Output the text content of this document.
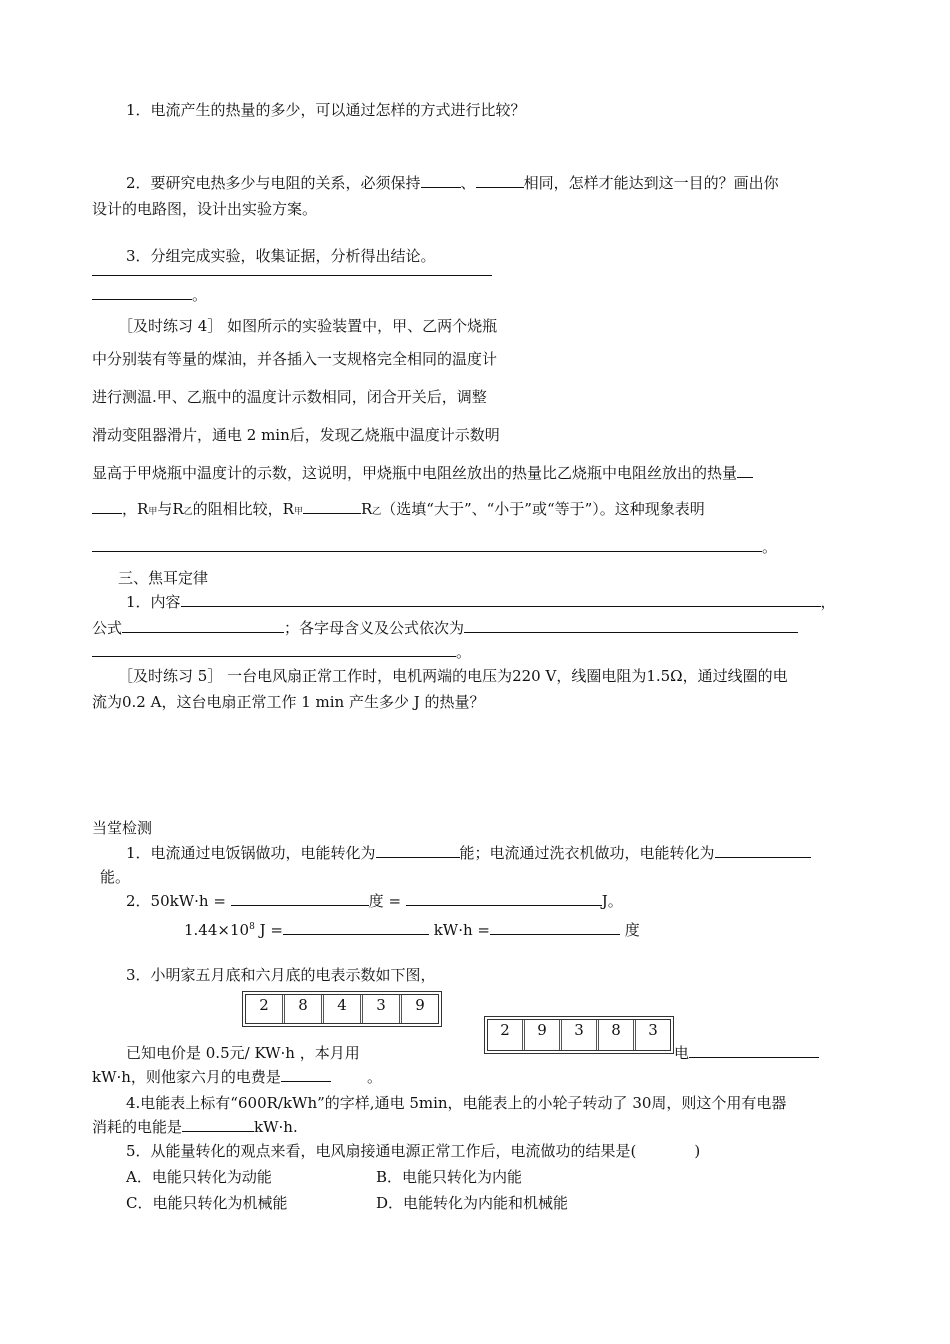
1．电流产生的热量的多少，可以通过怎样的方式进行比较？
2．要研究电热多少与电阻的关系，必须保持	、	相同，怎样才能达到这一目的？画出你
设计的电路图，设计出实验方案。
3．分组完成实验，收集证据，分析得出结论。
。
［及时练习 4］ 如图所示的实验装置中，甲、乙两个烧瓶
中分别装有等量的煤油，并各插入一支规格完全相同的温度计
进行测温.甲、乙瓶中的温度计示数相同，闭合开关后，调整
滑动变阻器滑片，通电 2 min后，发现乙烧瓶中温度计示数明
显高于甲烧瓶中温度计的示数，这说明，甲烧瓶中电阻丝放出的热量比乙烧瓶中电阻丝放出的热量
，R甲与R乙的阻相比较，R甲	R乙（选填“大于”、“小于”或“等于”）。这种现象表明
。
三、焦耳定律
1．内容	，
公式	；各字母含义及公式依次为
。
［及时练习 5］ 一台电风扇正常工作时，电机两端的电压为220 V，线圈电阻为1.5Ω，通过线圈的电
流为0.2 A，这台电扇正常工作 1 min 产生多少 J 的热量？
当堂检测
1．电流通过电饭锅做功，电能转化为	能；电流通过洗衣机做功，电能转化为
能。
2．50kW·h =	度 =	J。
$1.44\times 10^8$ J =	kW·h =	度
3．小明家五月底和六月底的电表示数如下图，
2	8	4	3	9
2	9	3	8	3
已知电价是 0.5元/ KW·h ，本月用	电
kW·h，则他家六月的电费是	。
4.电能表上标有“600R/kWh”的字样,通电 5min，电能表上的小轮子转动了 30周，则这个用有电器
消耗的电能是	kW·h.
5．从能量转化的观点来看，电风扇接通电源正常工作后，电流做功的结果是(	)
A．电能只转化为动能	B．电能只转化为内能
C．电能只转化为机械能	D．电能转化为内能和机械能
